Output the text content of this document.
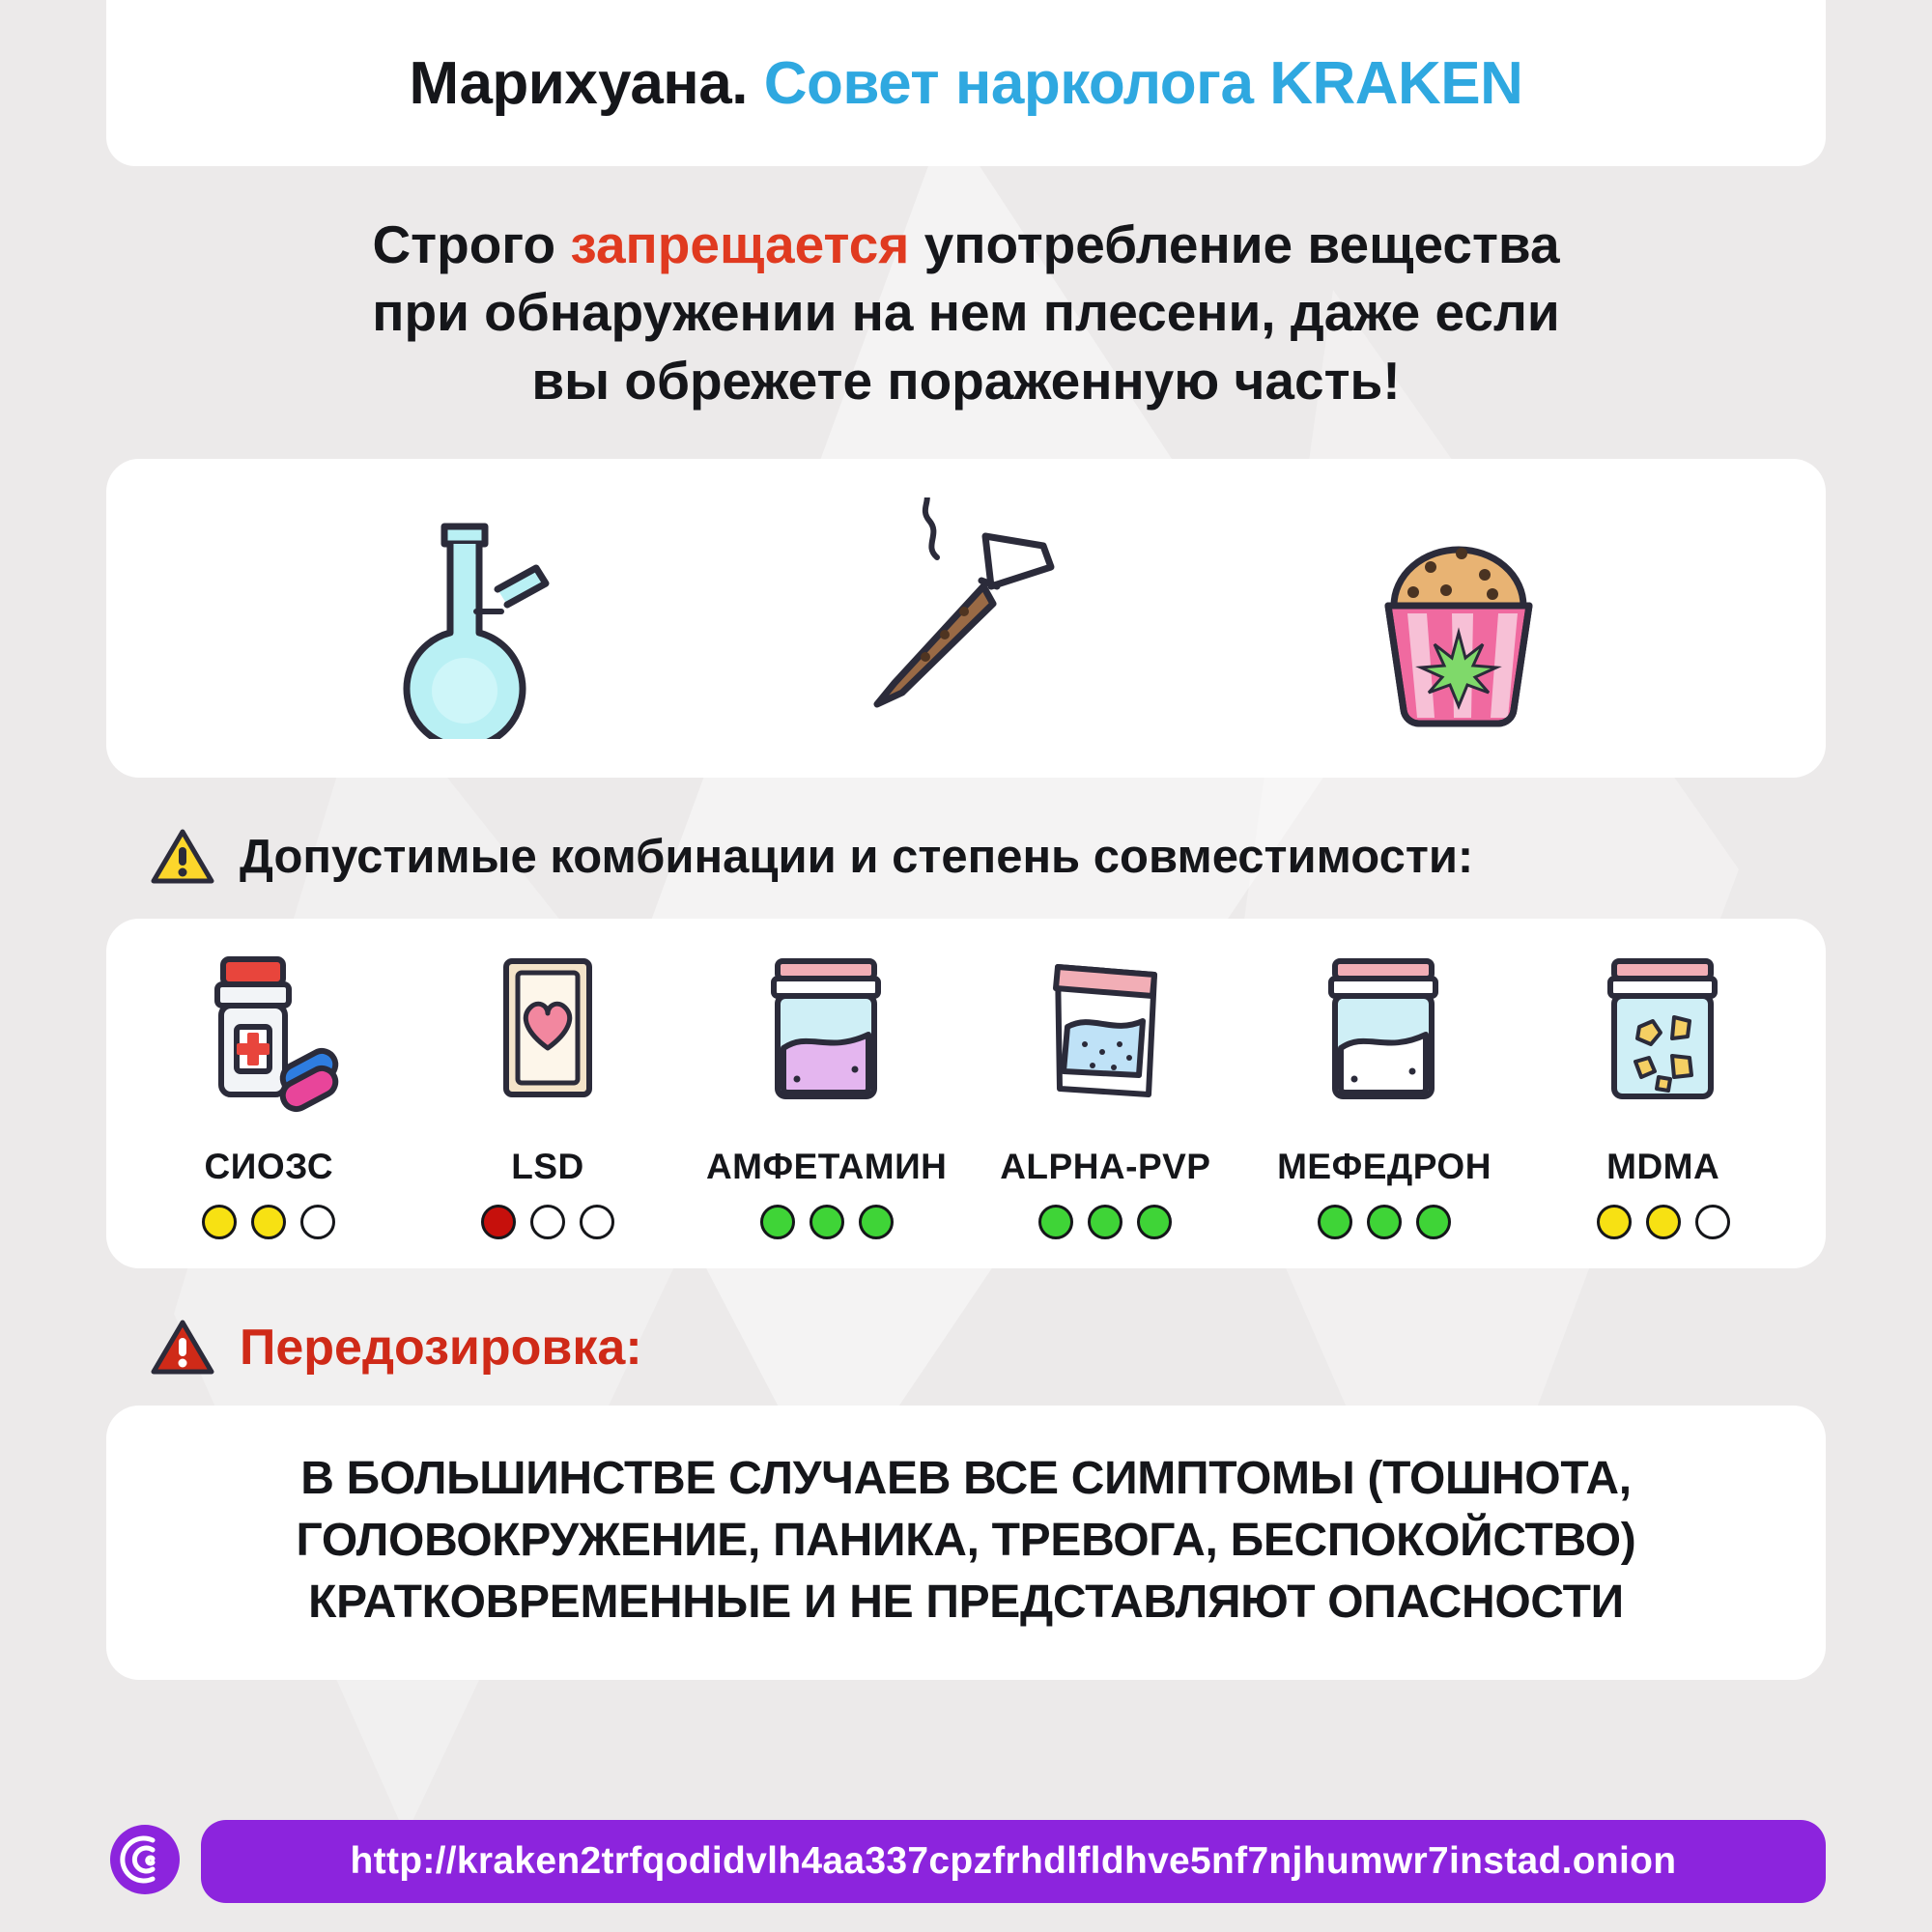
Марихуана. Совет нарколога KRAKEN
Строго запрещается употребление вещества
при обнаружении на нем плесени, даже если
вы обрежете пораженную часть!
Допустимые комбинации и степень совместимости:
СИОЗС	LSD	АМФЕТАМИН ALPHA-PVP МЕФЕДРОН	MDMA
Передозировка:
В БОЛЬШИНСТВЕ СЛУЧАЕВ ВСЕ СИМПТОМЫ (ТОШНОТА,
ГОЛОВОКРУЖЕНИЕ, ПАНИКА, ТРЕВОГА, БЕСПОКОЙСТВО)
КРАТКОВРЕМЕННЫЕ И НЕ ПРЕДСТАВЛЯЮТ ОПАСНОСТИ
http://kraken2trfqodidvlh4aa337cpzfrhdlfldhve5nf7njhumwr7instad.onion
